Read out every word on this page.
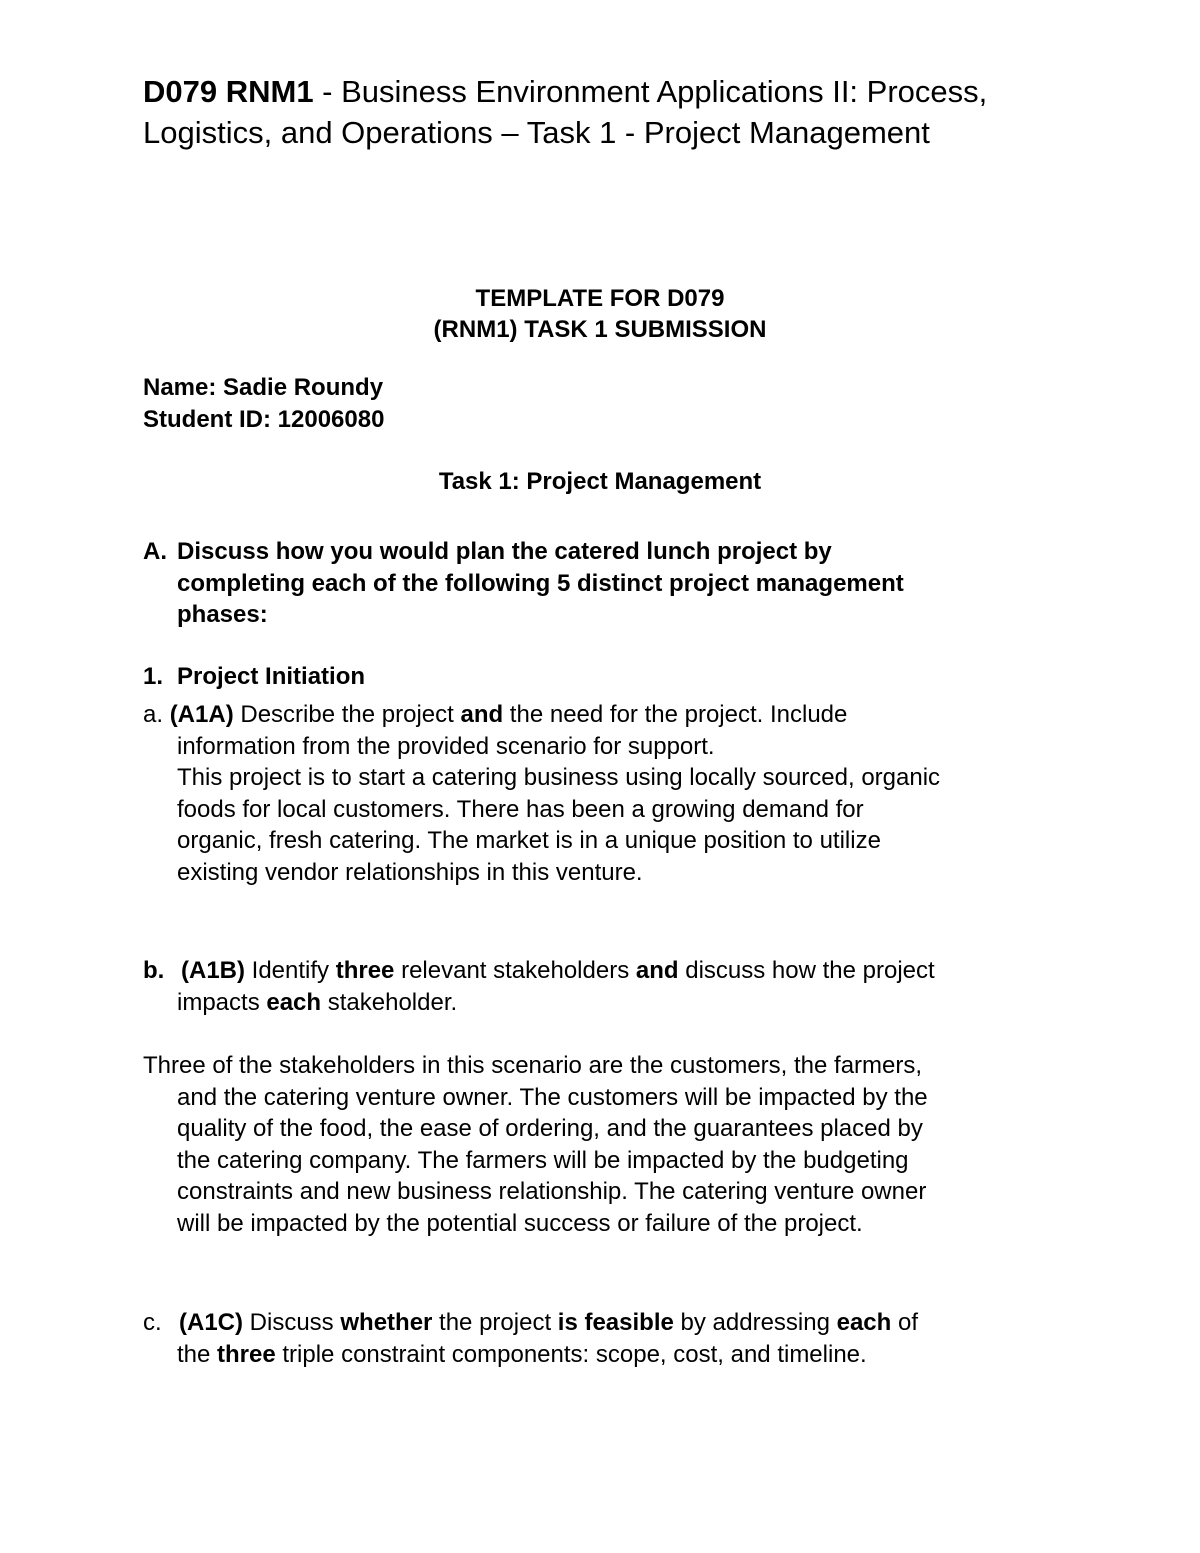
D079 RNM1 - Business Environment Applications II: Process, Logistics, and Operations – Task 1 - Project Management
TEMPLATE FOR D079
(RNM1) TASK 1 SUBMISSION
Name: Sadie Roundy
Student ID: 12006080
Task 1: Project Management
A. Discuss how you would plan the catered lunch project by
completing each of the following 5 distinct project management
phases:
1. Project Initiation
a. (A1A) Describe the project and the need for the project. Include
information from the provided scenario for support.
This project is to start a catering business using locally sourced, organic
foods for local customers. There has been a growing demand for
organic, fresh catering. The market is in a unique position to utilize
existing vendor relationships in this venture.
b. (A1B) Identify three relevant stakeholders and discuss how the project
impacts each stakeholder.
Three of the stakeholders in this scenario are the customers, the farmers,
and the catering venture owner. The customers will be impacted by the
quality of the food, the ease of ordering, and the guarantees placed by
the catering company. The farmers will be impacted by the budgeting
constraints and new business relationship. The catering venture owner
will be impacted by the potential success or failure of the project.
c. (A1C) Discuss whether the project is feasible by addressing each of
the three triple constraint components: scope, cost, and timeline.
